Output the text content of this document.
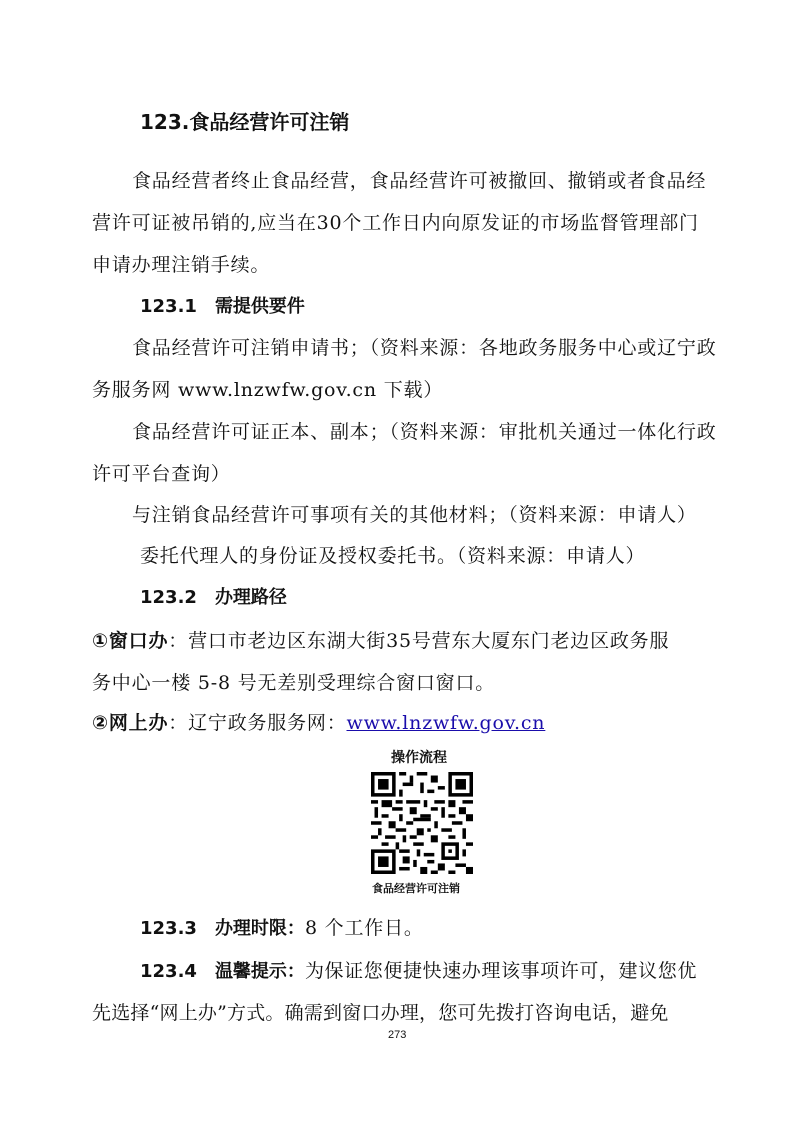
123.食品经营许可注销
食品经营者终止食品经营，食品经营许可被撤回、撤销或者食品经
营许可证被吊销的,应当在30个工作日内向原发证的市场监督管理部门
申请办理注销手续。
123.1 需提供要件
食品经营许可注销申请书；（资料来源：各地政务服务中心或辽宁政
务服务网 www.lnzwfw.gov.cn 下载）
食品经营许可证正本、副本；（资料来源：审批机关通过一体化行政
许可平台查询）
与注销食品经营许可事项有关的其他材料；（资料来源：申请人）
委托代理人的身份证及授权委托书。（资料来源：申请人）
123.2 办理路径
①窗口办：营口市老边区东湖大街35号营东大厦东门老边区政务服
务中心一楼 5-8 号无差别受理综合窗口窗口。
②网上办：辽宁政务服务网：www.lnzwfw.gov.cn
操作流程
食品经营许可注销
123.3 办理时限：8 个工作日。
123.4 温馨提示：为保证您便捷快速办理该事项许可，建议您优
先选择“网上办”方式。确需到窗口办理，您可先拨打咨询电话，避免
273
